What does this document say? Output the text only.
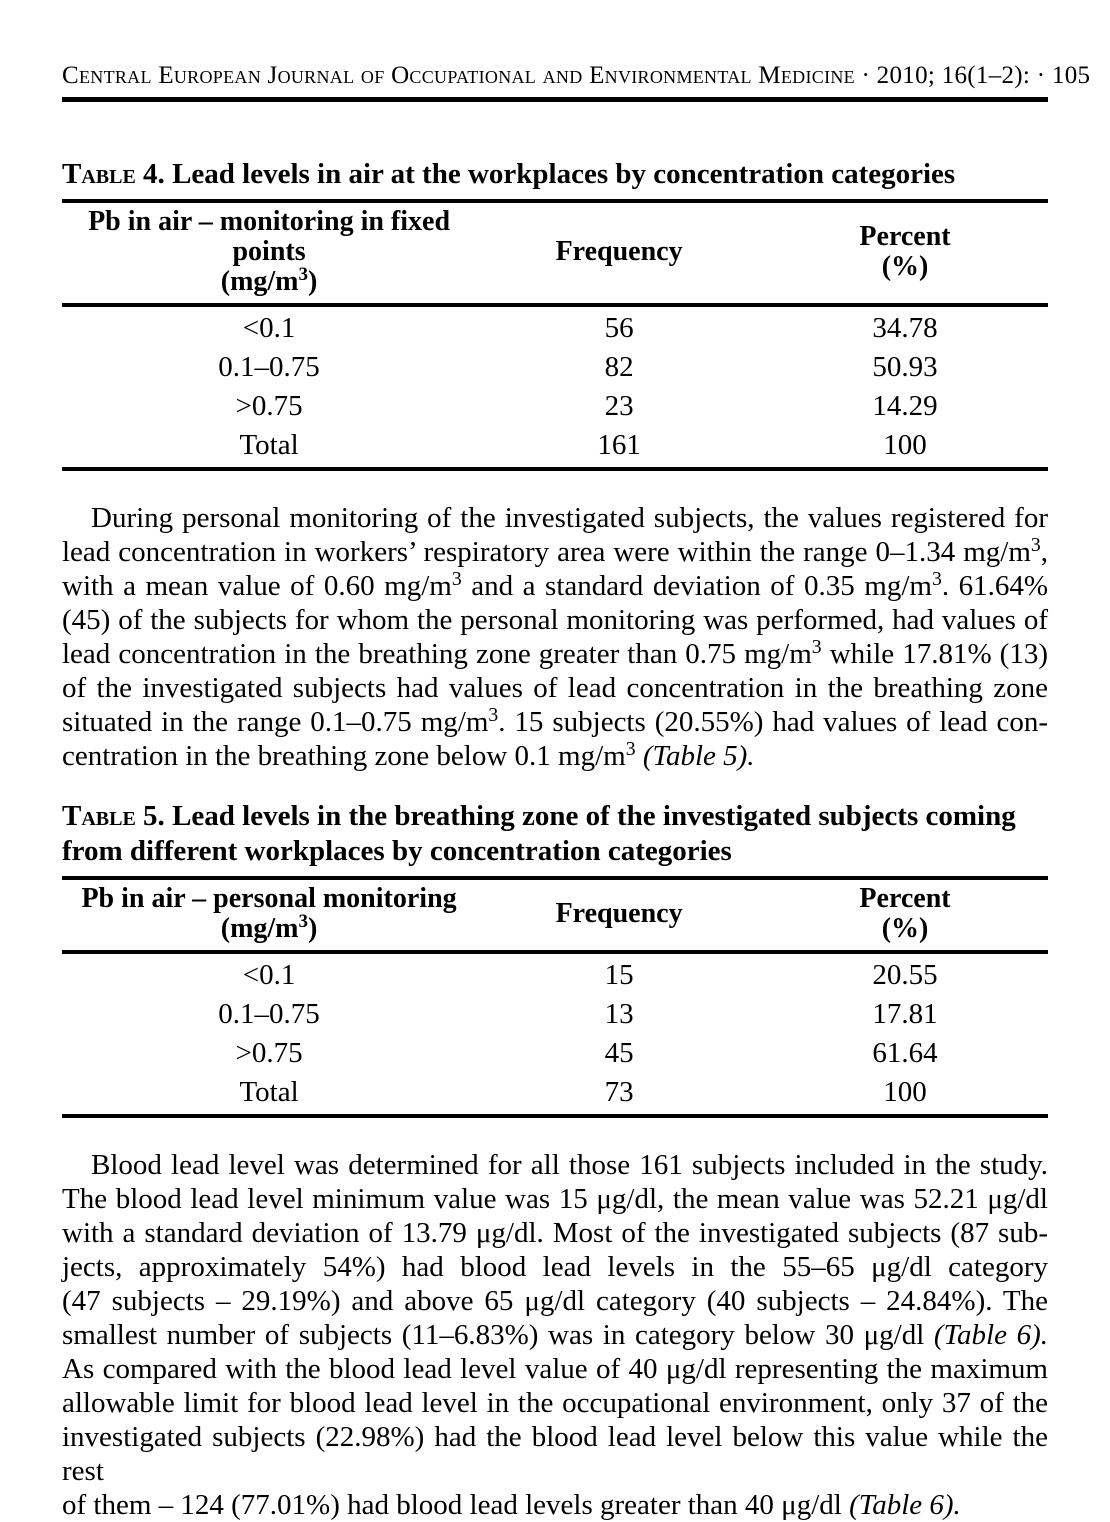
Central European Journal of Occupational and Environmental Medicine · 2010; 16(1–2): · 105
Table 4. Lead levels in air at the workplaces by concentration categories
Pb in air – monitoring in fixed points
$(mg/m^3)$	Frequency	Percent
(%)
<0.1	56	34.78
0.1–0.75	82	50.93
>0.75	23	14.29
Total	161	100
During personal monitoring of the investigated subjects, the values registered for
lead concentration in workers’ respiratory area were within the range 0–1.34 $mg/m^3$,
with a mean value of 0.60 $mg/m^3$ and a standard deviation of 0.35 $mg/m^3$. 61.64%
(45) of the subjects for whom the personal monitoring was performed, had values of
lead concentration in the breathing zone greater than 0.75 $mg/m^3$ while 17.81% (13)
of the investigated subjects had values of lead concentration in the breathing zone
situated in the range 0.1–0.75 $mg/m^3$. 15 subjects (20.55%) had values of lead con-
centration in the breathing zone below 0.1 $mg/m^3$ (Table 5).
Table 5. Lead levels in the breathing zone of the investigated subjects coming
from different workplaces by concentration categories
Pb in air – personal monitoring
$(mg/m^3)$	Frequency	Percent
(%)
<0.1	15	20.55
0.1–0.75	13	17.81
>0.75	45	61.64
Total	73	100
Blood lead level was determined for all those 161 subjects included in the study.
The blood lead level minimum value was 15 μg/dl, the mean value was 52.21 μg/dl
with a standard deviation of 13.79 μg/dl. Most of the investigated subjects (87 sub-
jects, approximately 54%) had blood lead levels in the 55–65 μg/dl category
(47 subjects – 29.19%) and above 65 μg/dl category (40 subjects – 24.84%). The
smallest number of subjects (11–6.83%) was in category below 30 μg/dl (Table 6).
As compared with the blood lead level value of 40 μg/dl representing the maximum
allowable limit for blood lead level in the occupational environment, only 37 of the
investigated subjects (22.98%) had the blood lead level below this value while the rest
of them – 124 (77.01%) had blood lead levels greater than 40 μg/dl (Table 6).
